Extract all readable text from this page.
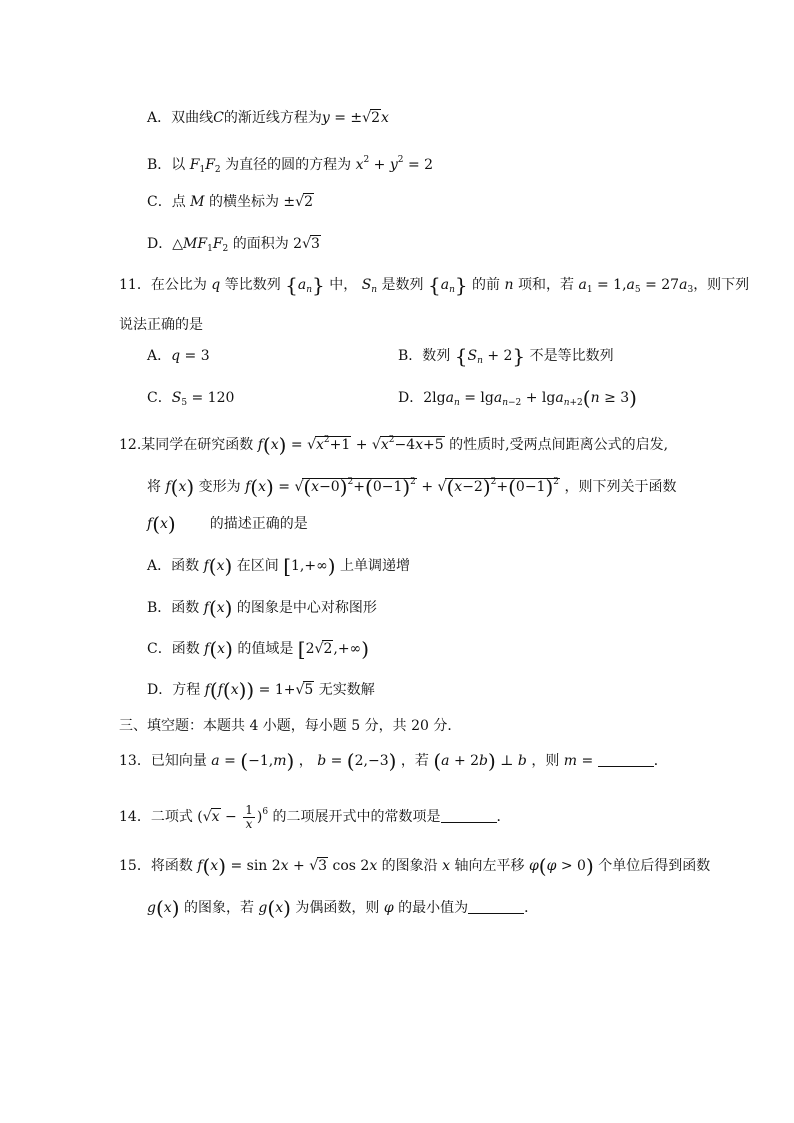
A．双曲线C的渐近线方程为y = ±√2x
B．以 $F_1F_2$ 为直径的圆的方程为 $x^2 + y^2 = 2$
C．点 M 的横坐标为 ±√2
D．$\triangle MF_1F_2$ 的面积为 2√3
11．在公比为 q 等比数列 $\{a_n\}$ 中， $S_n$ 是数列 $\{a_n\}$ 的前 n 项和，若 $a_1 = 1,a_5 = 27a_3$，则下列
说法正确的是
A．q = 3	B．数列 $\{S_n + 2\}$ 不是等比数列
C．$S_5 = 120$	D．2lga$_n$ = lga$_{n-2}$ + lga$_{n+2}$(n ≥ 3)
12.某同学在研究函数 $f(x) = √x^2+1 + √x^2-4x+5$ 的性质时,受两点间距离公式的启发,
将 f(x) 变形为 $f(x) = √(x-0)^2+(0-1)^2 + √(x-2)^2+(0-1)^2$ ，则下列关于函数
f(x) 的描述正确的是
A．函数 f(x) 在区间 [1,+∞) 上单调递增
B．函数 f(x) 的图象是中心对称图形
C．函数 f(x) 的值域是 [2√2,+∞)
D．方程 f(f(x)) = 1+√5 无实数解
三、填空题：本题共 4 小题，每小题 5 分，共 20 分．
13．已知向量 a = (−1,m) ， b = (2,−3) ，若 (a + 2b) ⊥ b ，则 m =	．
14．二项式 $(√x - \frac{1}{x} )^6$ 的二项展开式中的常数项是	．
15．将函数 f(x) = sin 2x + √3 cos 2x 的图象沿 x 轴向左平移 φ(φ > 0) 个单位后得到函数
g(x) 的图象，若 g(x) 为偶函数，则 φ 的最小值为	．
